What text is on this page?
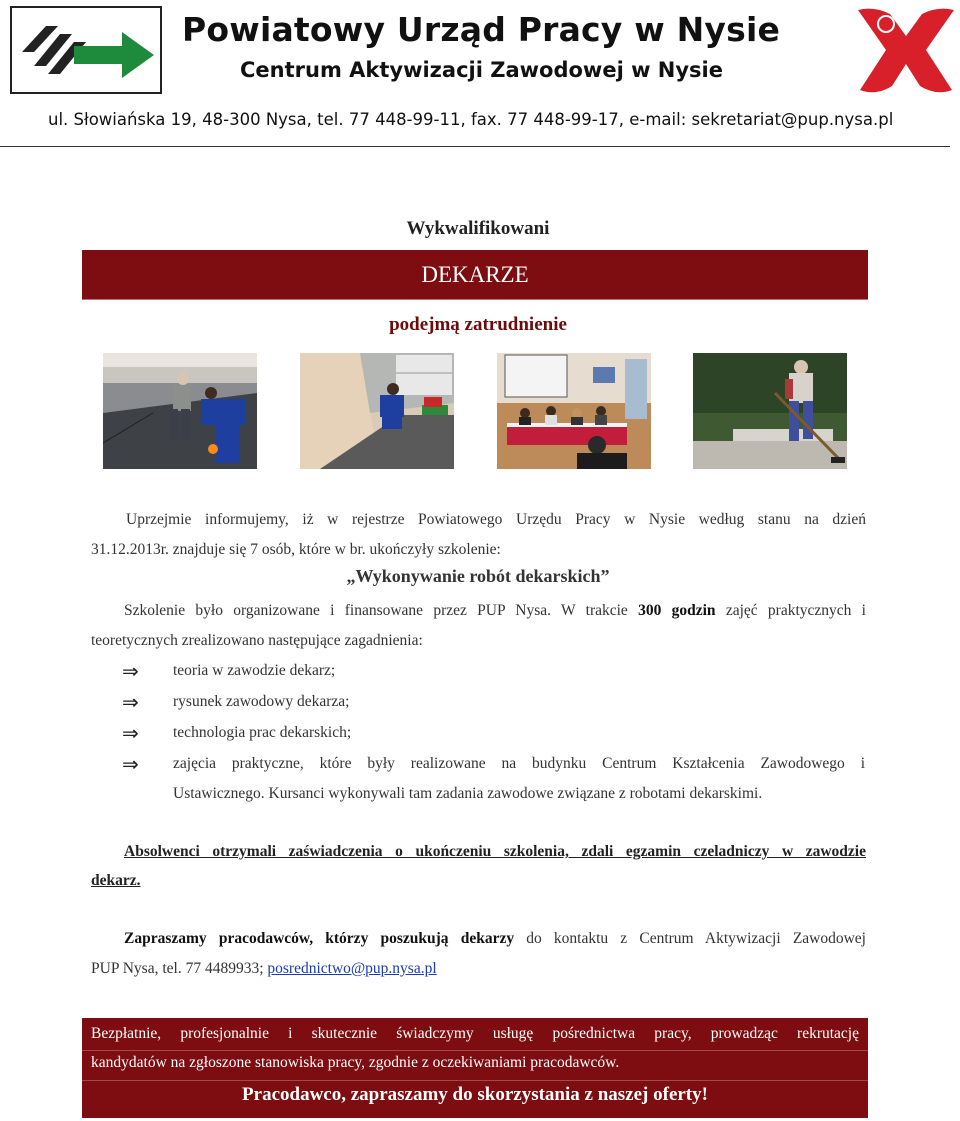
Powiatowy Urząd Pracy w Nysie
Centrum Aktywizacji Zawodowej w Nysie
ul. Słowiańska 19, 48-300 Nysa, tel. 77 448-99-11, fax. 77 448-99-17, e-mail: sekretariat@pup.nysa.pl
Wykwalifikowani
DEKARZE
podejmą zatrudnienie
Uprzejmie informujemy, iż w rejestrze Powiatowego Urzędu Pracy w Nysie według stanu na dzień
31.12.2013r. znajduje się 7 osób, które w br. ukończyły szkolenie:
„Wykonywanie robót dekarskich”
Szkolenie było organizowane i finansowane przez PUP Nysa. W trakcie 300 godzin zajęć praktycznych i
teoretycznych zrealizowano następujące zagadnienia:
⇒ teoria w zawodzie dekarz;
⇒ rysunek zawodowy dekarza;
⇒ technologia prac dekarskich;
⇒ zajęcia praktyczne, które były realizowane na budynku Centrum Kształcenia Zawodowego i
Ustawicznego. Kursanci wykonywali tam zadania zawodowe związane z robotami dekarskimi.
Absolwenci otrzymali zaświadczenia o ukończeniu szkolenia, zdali egzamin czeladniczy w zawodzie
dekarz.
Zapraszamy pracodawców, którzy poszukują dekarzy do kontaktu z Centrum Aktywizacji Zawodowej
PUP Nysa, tel. 77 4489933; posrednictwo@pup.nysa.pl
Bezpłatnie, profesjonalnie i skutecznie świadczymy usługę pośrednictwa pracy, prowadząc rekrutację
kandydatów na zgłoszone stanowiska pracy, zgodnie z oczekiwaniami pracodawców.
Pracodawco, zapraszamy do skorzystania z naszej oferty!
